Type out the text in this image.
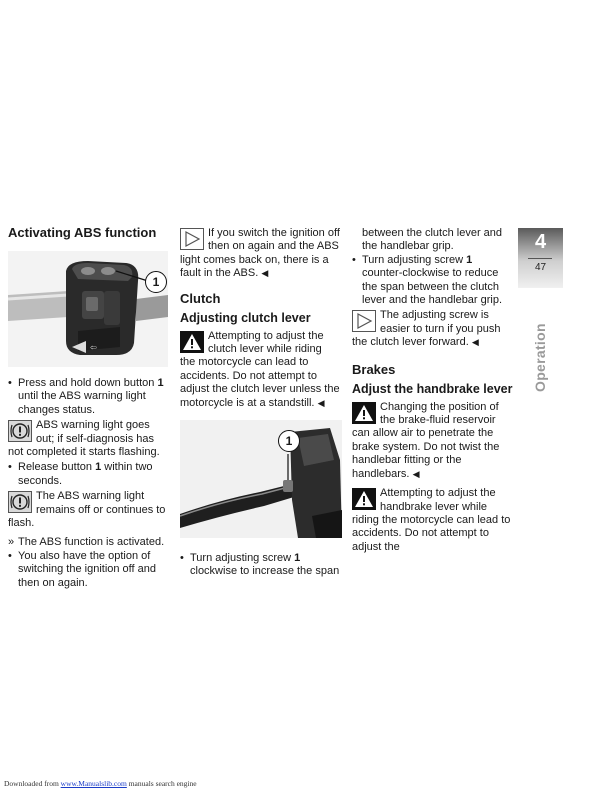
Activating ABS function
⇦
1

• Press and hold down button 1 until the ABS warning light changes status.

ABS warning light goes out; if self-diagnosis has not completed it starts flashing.

• Release button 1 within two seconds.

The ABS warning light remains off or continues to flash.

» The ABS function is activated.

• You also have the option of switching the ignition off and then on again.

If you switch the ignition off then on again and the ABS light comes back on, there is a fault in the ABS. ◀
Clutch
Adjusting clutch lever
Attempting to adjust the clutch lever while riding the motorcycle can lead to accidents. Do not attempt to adjust the clutch lever unless the motorcycle is at a standstill. ◀
1

• Turn adjusting screw 1 clockwise to increase the span

between the clutch lever and the handlebar grip.

• Turn adjusting screw 1 counter-clockwise to reduce the span between the clutch lever and the handlebar grip.

The adjusting screw is easier to turn if you push the clutch lever forward. ◀
Brakes
Adjust the handbrake lever
Changing the position of the brake-fluid reservoir can allow air to penetrate the brake system. Do not twist the handlebar fitting or the handlebars. ◀
Attempting to adjust the handbrake lever while riding the motorcycle can lead to accidents. Do not attempt to adjust the
4
47
Operation
Downloaded from www.Manualslib.com manuals search engine
